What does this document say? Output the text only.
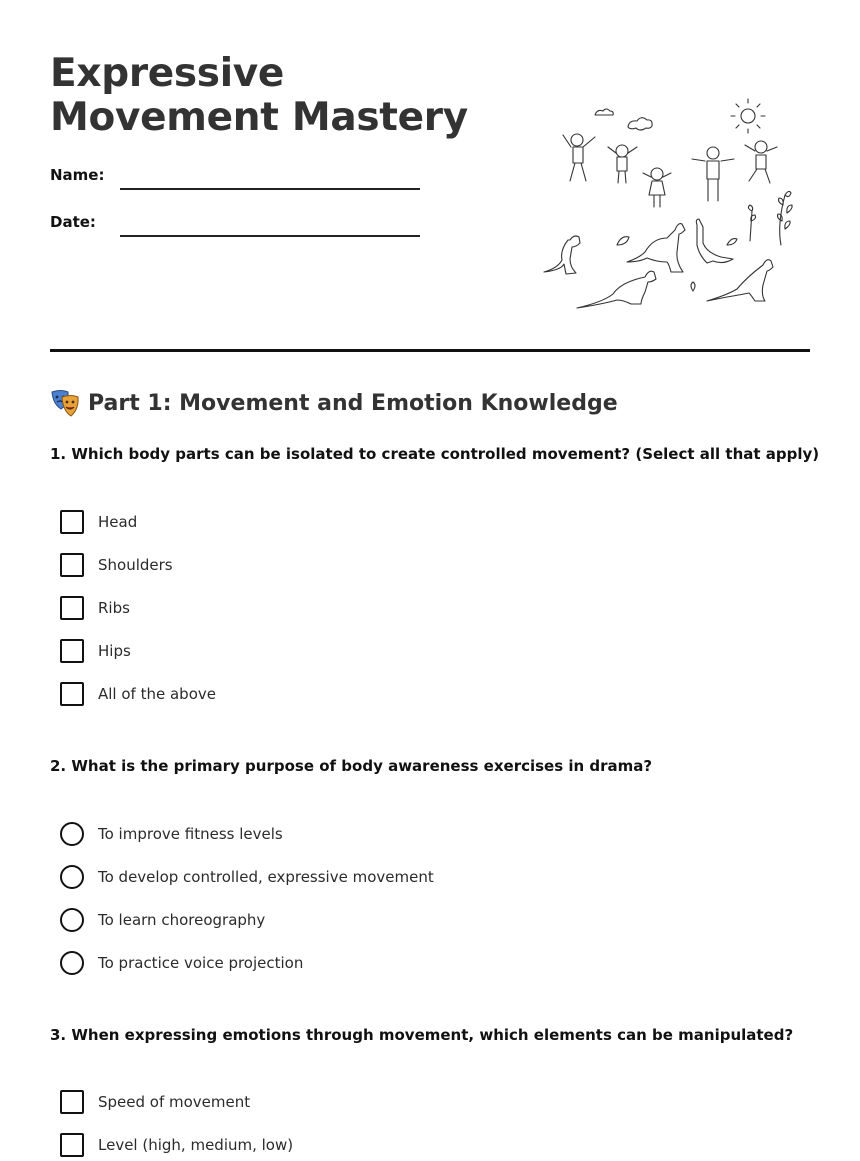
Expressive Movement Mastery
Name:
Date:
Part 1: Movement and Emotion Knowledge
1. Which body parts can be isolated to create controlled movement? (Select all that apply)
Head
Shoulders
Ribs
Hips
All of the above
2. What is the primary purpose of body awareness exercises in drama?
To improve fitness levels
To develop controlled, expressive movement
To learn choreography
To practice voice projection
3. When expressing emotions through movement, which elements can be manipulated?
Speed of movement
Level (high, medium, low)
